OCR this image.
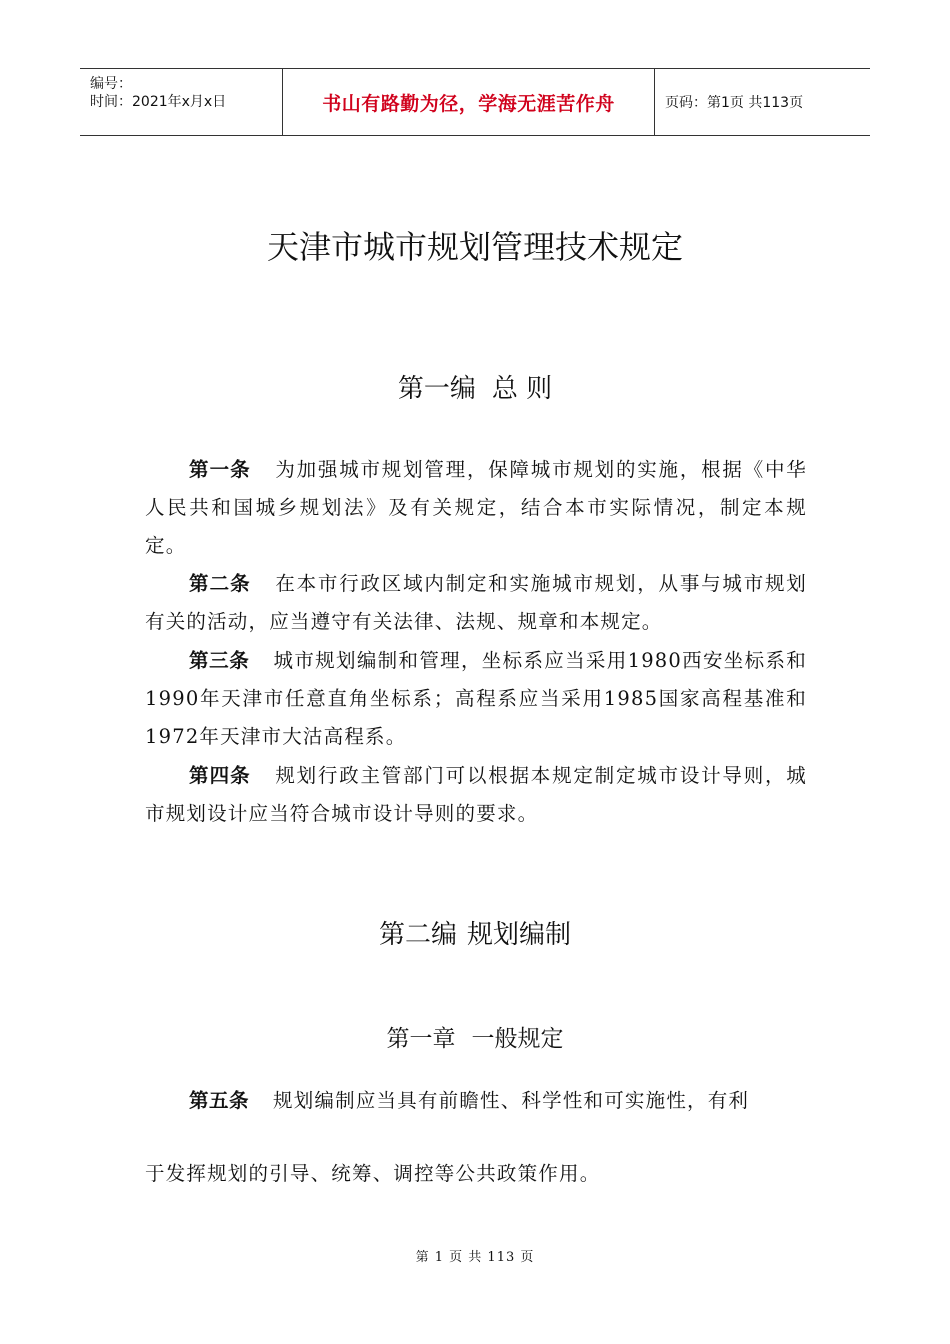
编号：
时间：2021年x月x日	书山有路勤为径，学海无涯苦作舟	页码：第1页 共113页
天津市城市规划管理技术规定
第一编 总 则
第一条 为加强城市规划管理，保障城市规划的实施，根据《中华人民共和国城乡规划法》及有关规定，结合本市实际情况，制定本规定。
第二条 在本市行政区域内制定和实施城市规划，从事与城市规划有关的活动，应当遵守有关法律、法规、规章和本规定。
第三条 城市规划编制和管理，坐标系应当采用1980西安坐标系和1990年天津市任意直角坐标系；高程系应当采用1985国家高程基准和1972年天津市大沽高程系。
第四条 规划行政主管部门可以根据本规定制定城市设计导则，城市规划设计应当符合城市设计导则的要求。
第二编 规划编制
第一章 一般规定
第五条 规划编制应当具有前瞻性、科学性和可实施性，有利
于发挥规划的引导、统筹、调控等公共政策作用。
第 1 页 共 113 页
